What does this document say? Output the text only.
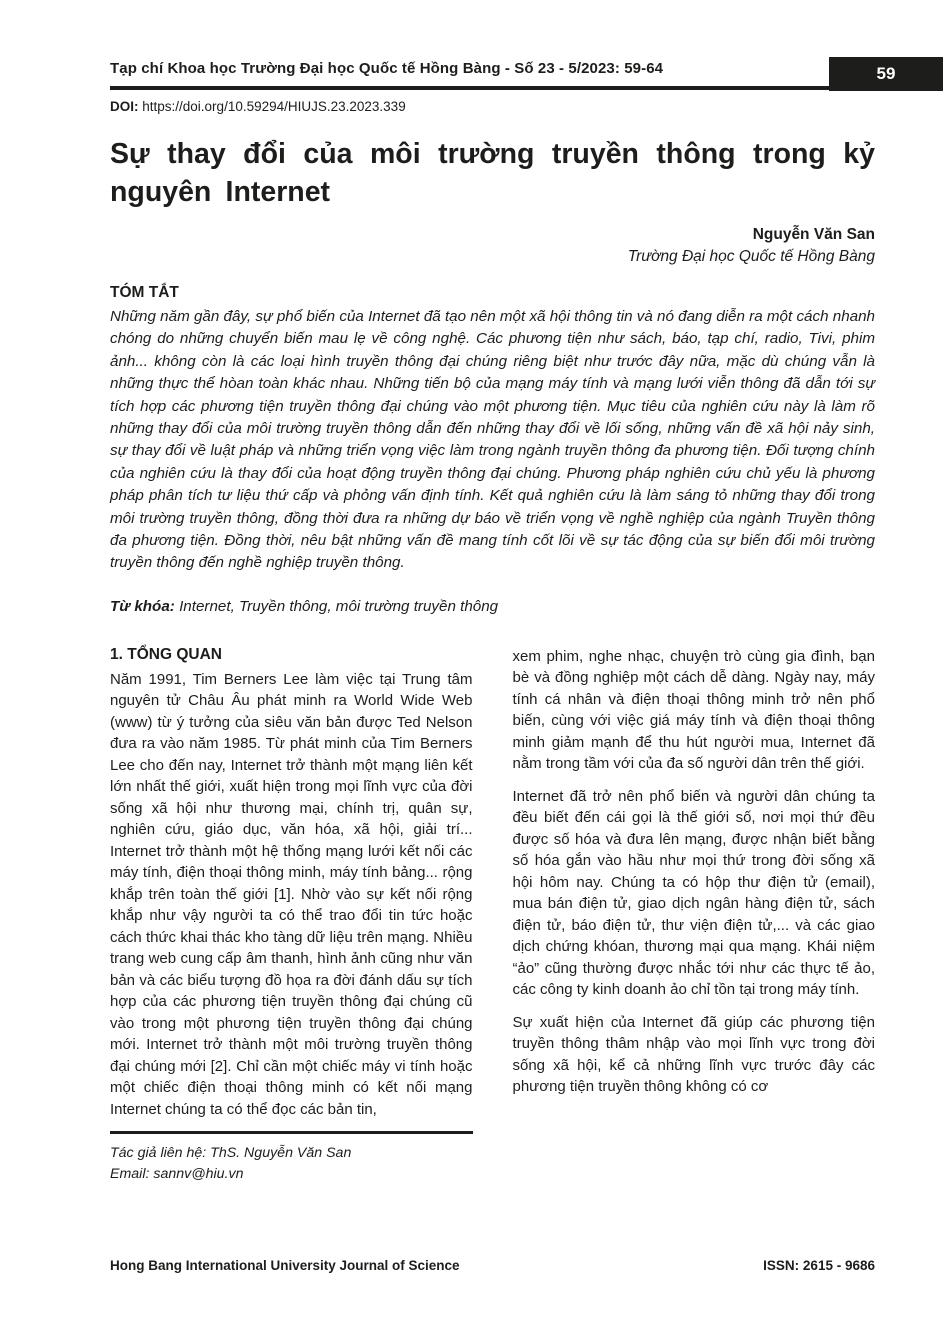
59
Tạp chí Khoa học Trường Đại học Quốc tế Hồng Bàng - Số 23 - 5/2023: 59-64
DOI: https://doi.org/10.59294/HIUJS.23.2023.339
Sự thay đổi của môi trường truyền thông trong kỷ nguyên Internet
Nguyễn Văn San
Trường Đại học Quốc tế Hồng Bàng
TÓM TẮT

Những năm gần đây, sự phổ biến của Internet đã tạo nên một xã hội thông tin và nó đang diễn ra một cách nhanh chóng do những chuyển biến mau lẹ về công nghệ. Các phương tiện như sách, báo, tạp chí, radio, Tivi, phim ảnh... không còn là các loại hình truyền thông đại chúng riêng biệt như trước đây nữa, mặc dù chúng vẫn là những thực thể hòan toàn khác nhau. Những tiến bộ của mạng máy tính và mạng lưới viễn thông đã dẫn tới sự tích hợp các phương tiện truyền thông đại chúng vào một phương tiện. Mục tiêu của nghiên cứu này là làm rõ những thay đổi của môi trường truyền thông dẫn đến những thay đổi về lối sống, những vấn đề xã hội nảy sinh, sự thay đổi về luật pháp và những triển vọng việc làm trong ngành truyền thông đa phương tiện. Đối tượng chính của nghiên cứu là thay đổi của hoạt động truyền thông đại chúng. Phương pháp nghiên cứu chủ yếu là phương pháp phân tích tư liệu thứ cấp và phỏng vấn định tính. Kết quả nghiên cứu là làm sáng tỏ những thay đổi trong môi trường truyền thông, đồng thời đưa ra những dự báo về triển vọng về nghề nghiệp của ngành Truyền thông đa phương tiện. Đồng thời, nêu bật những vấn đề mang tính cốt lõi về sự tác động của sự biến đổi môi trường truyền thông đến nghề nghiệp truyền thông.

Từ khóa: Internet, Truyền thông, môi trường truyền thông

1. TỔNG QUAN

Năm 1991, Tim Berners Lee làm việc tại Trung tâm nguyên tử Châu Âu phát minh ra World Wide Web (www) từ ý tưởng của siêu văn bản được Ted Nelson đưa ra vào năm 1985. Từ phát minh của Tim Berners Lee cho đến nay, Internet trở thành một mạng liên kết lớn nhất thế giới, xuất hiện trong mọi lĩnh vực của đời sống xã hội như thương mại, chính trị, quân sự, nghiên cứu, giáo dục, văn hóa, xã hội, giải trí... Internet trở thành một hệ thống mạng lưới kết nối các máy tính, điện thoại thông minh, máy tính bảng... rộng khắp trên toàn thế giới [1]. Nhờ vào sự kết nối rộng khắp như vậy người ta có thể trao đổi tin tức hoặc cách thức khai thác kho tàng dữ liệu trên mạng. Nhiều trang web cung cấp âm thanh, hình ảnh cũng như văn bản và các biểu tượng đồ họa ra đời đánh dấu sự tích hợp của các phương tiện truyền thông đại chúng cũ vào trong một phương tiện truyền thông đại chúng mới. Internet trở thành một môi trường truyền thông đại chúng mới [2]. Chỉ cần một chiếc máy vi tính hoặc một chiếc điện thoại thông minh có kết nối mạng Internet chúng ta có thể đọc các bản tin,

Tác giả liên hệ: ThS. Nguyễn Văn San

Email: sannv@hiu.vn

xem phim, nghe nhạc, chuyện trò cùng gia đình, bạn bè và đồng nghiệp một cách dễ dàng. Ngày nay, máy tính cá nhân và điện thoại thông minh trở nên phổ biến, cùng với việc giá máy tính và điện thoại thông minh giảm mạnh để thu hút người mua, Internet đã nằm trong tầm với của đa số người dân trên thế giới.

Internet đã trở nên phổ biến và người dân chúng ta đều biết đến cái gọi là thế giới số, nơi mọi thứ đều được số hóa và đưa lên mạng, được nhận biết bằng số hóa gắn vào hầu như mọi thứ trong đời sống xã hội hôm nay. Chúng ta có hộp thư điện tử (email), mua bán điện tử, giao dịch ngân hàng điện tử, sách điện tử, báo điện tử, thư viện điện tử,... và các giao dịch chứng khóan, thương mại qua mạng. Khái niệm “ảo” cũng thường được nhắc tới như các thực tế ảo, các công ty kinh doanh ảo chỉ tồn tại trong máy tính.

Sự xuất hiện của Internet đã giúp các phương tiện truyền thông thâm nhập vào mọi lĩnh vực trong đời sống xã hội, kể cả những lĩnh vực trước đây các phương tiện truyền thông không có cơ

Hong Bang International University Journal of Science	ISSN: 2615 - 9686
